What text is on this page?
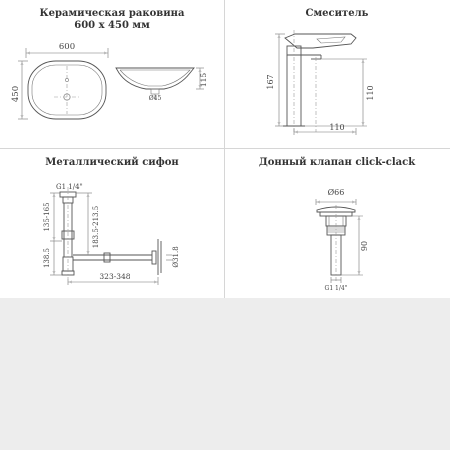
Керамическая раковина
600 x 450 мм
600
450	Ø45
115
Смеситель
167
110
110
Металлический сифон
G1 1/4"
135-165
138.5
183.5-213.5
Ø31.8
323-348
Донный клапан click-clack
Ø66
90
G1 1/4"
